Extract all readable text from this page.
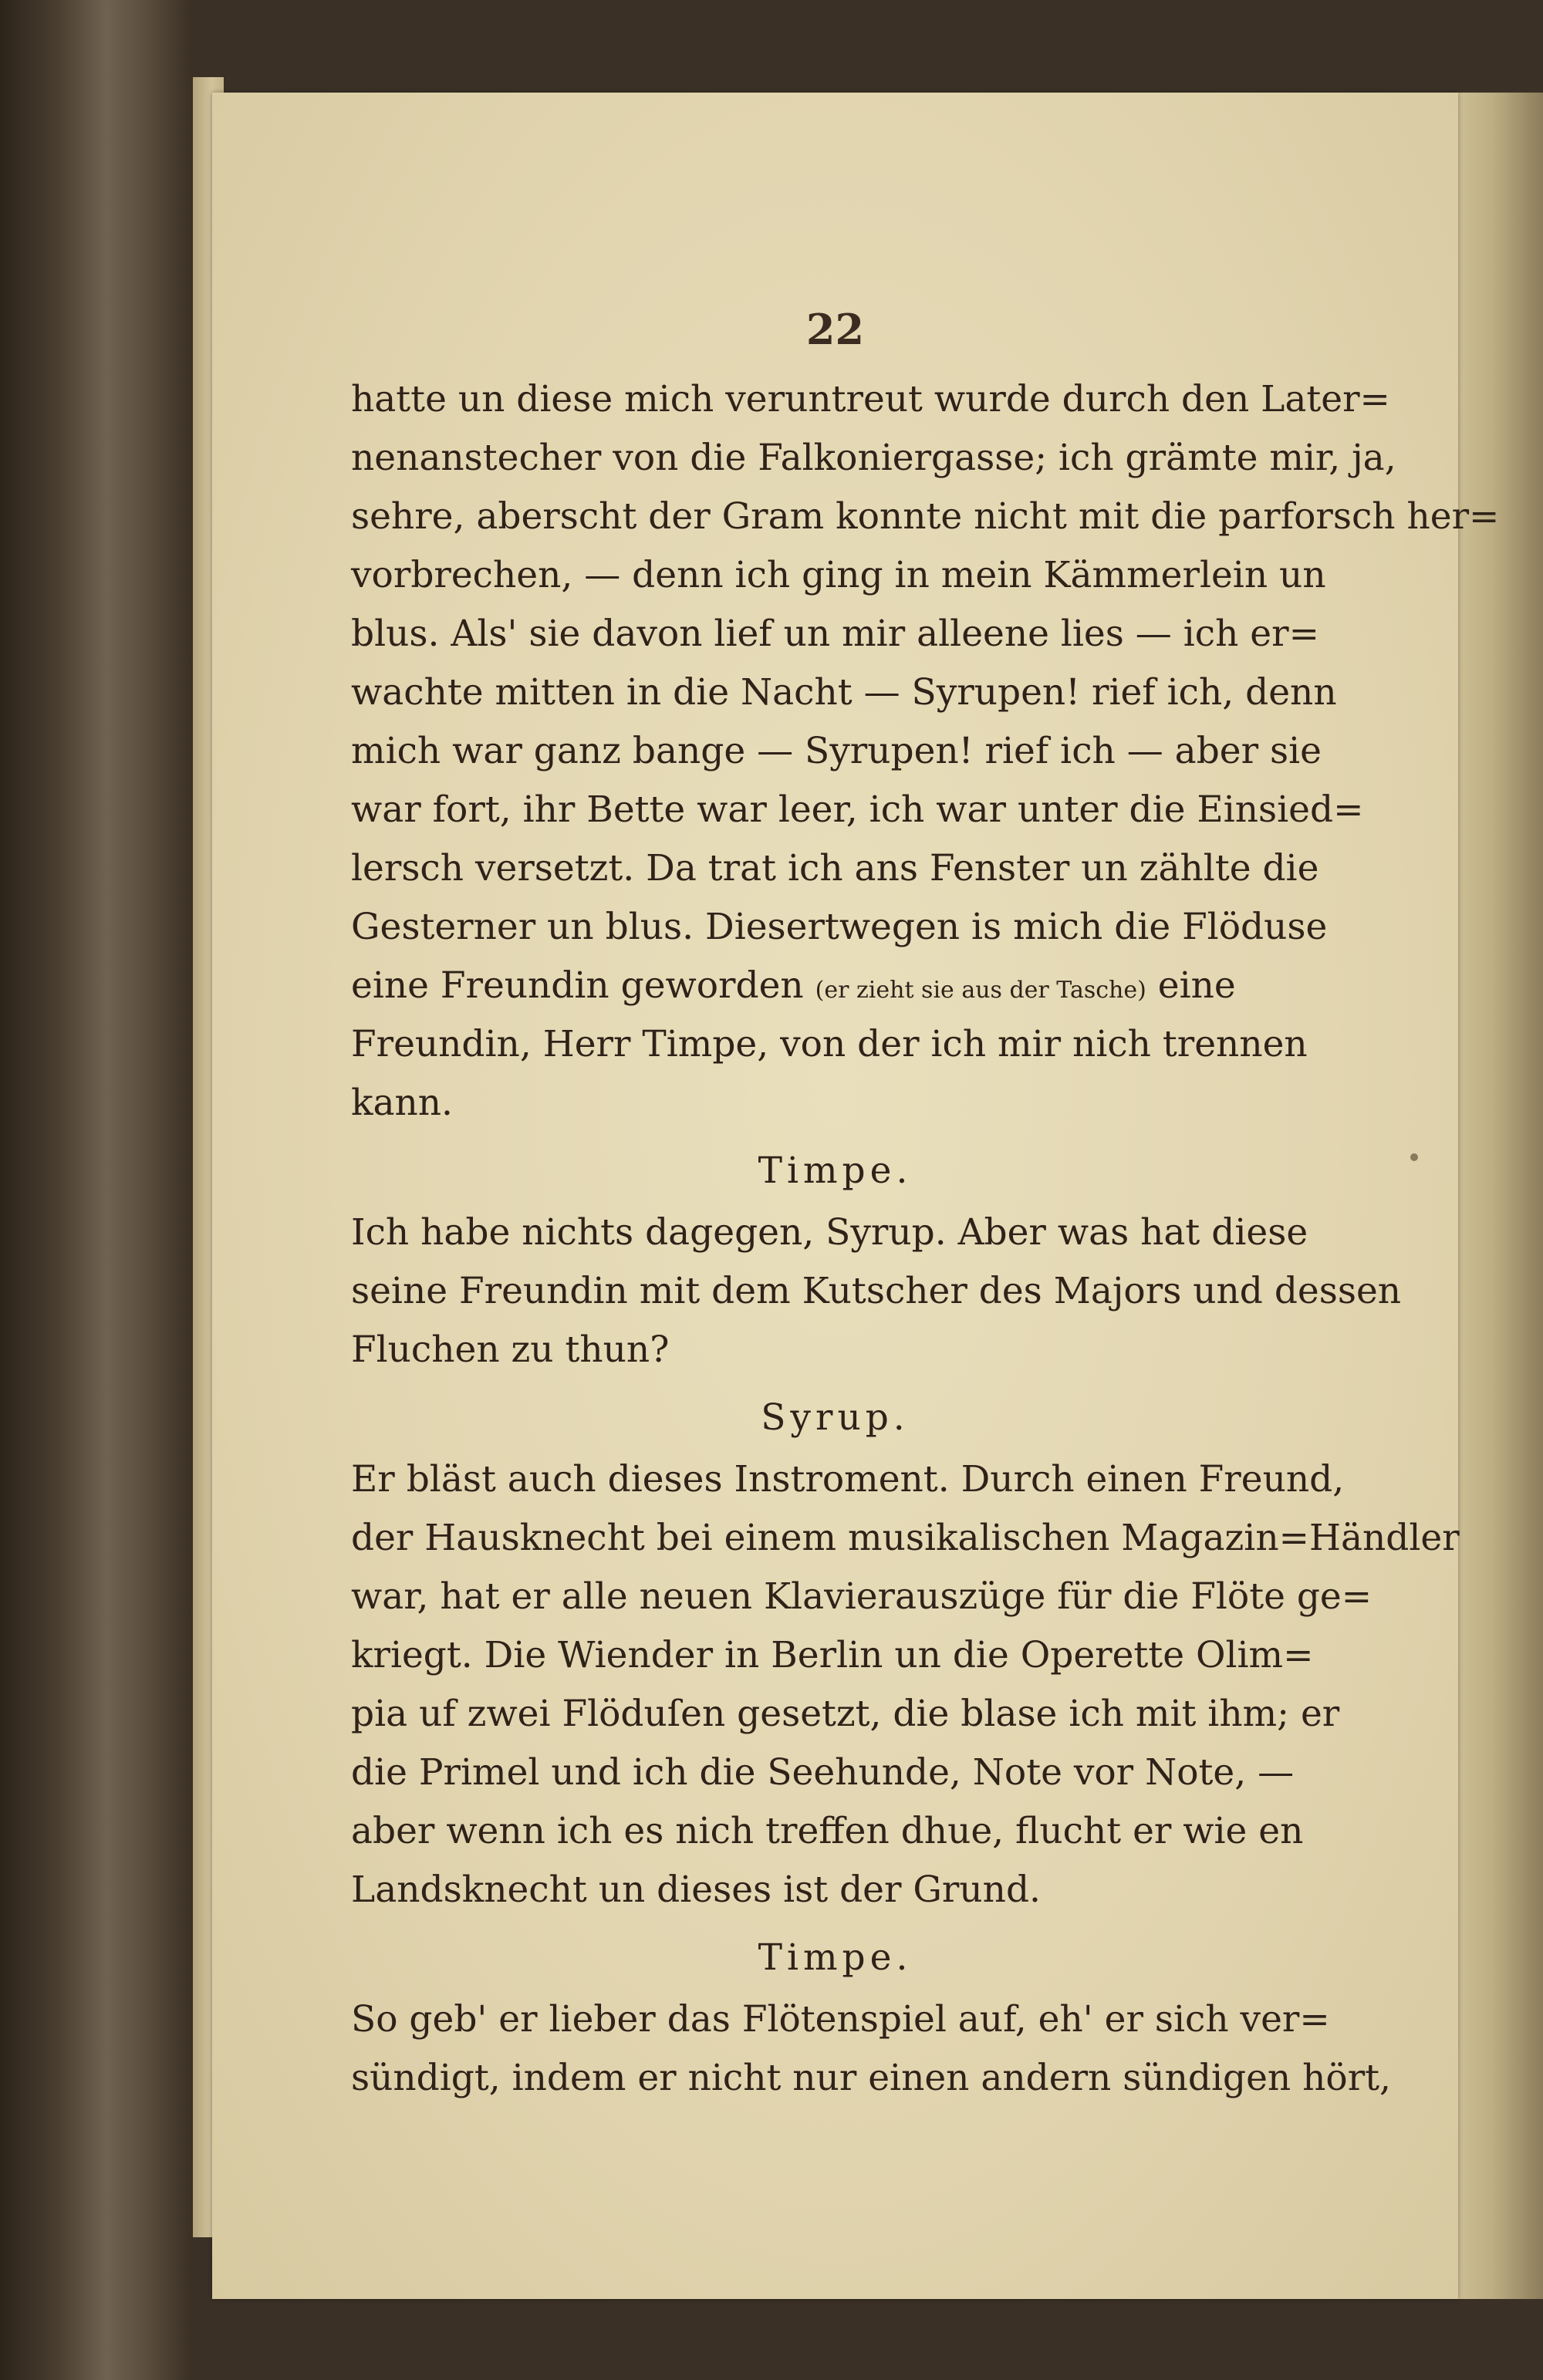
22
hatte un diese mich veruntreut wurde durch den Later=
nenanstecher von die Falkoniergasse; ich grämte mir, ja,
sehre, aberscht der Gram konnte nicht mit die parforsch her=
vorbrechen, — denn ich ging in mein Kämmerlein un
blus. Als' sie davon lief un mir alleene lies — ich er=
wachte mitten in die Nacht — Syrupen! rief ich, denn
mich war ganz bange — Syrupen! rief ich — aber sie
war fort, ihr Bette war leer, ich war unter die Einsied=
lersch versetzt. Da trat ich ans Fenster un zählte die
Gesterner un blus. Diesertwegen is mich die Flöduse
eine Freundin geworden (er zieht sie aus der Tasche) eine
Freundin, Herr Timpe, von der ich mir nich trennen
kann.
Timpe.
Ich habe nichts dagegen, Syrup. Aber was hat diese
seine Freundin mit dem Kutscher des Majors und dessen
Fluchen zu thun?
Syrup.
Er bläst auch dieses Instroment. Durch einen Freund,
der Hausknecht bei einem musikalischen Magazin=Händler
war, hat er alle neuen Klavierauszüge für die Flöte ge=
kriegt. Die Wiender in Berlin un die Operette Olim=
pia uf zwei Flöduſen gesetzt, die blase ich mit ihm; er
die Primel und ich die Seehunde, Note vor Note, —
aber wenn ich es nich treffen dhue, flucht er wie en
Landsknecht un dieses ist der Grund.
Timpe.
So geb' er lieber das Flötenspiel auf, eh' er sich ver=
sündigt, indem er nicht nur einen andern sündigen hört,
